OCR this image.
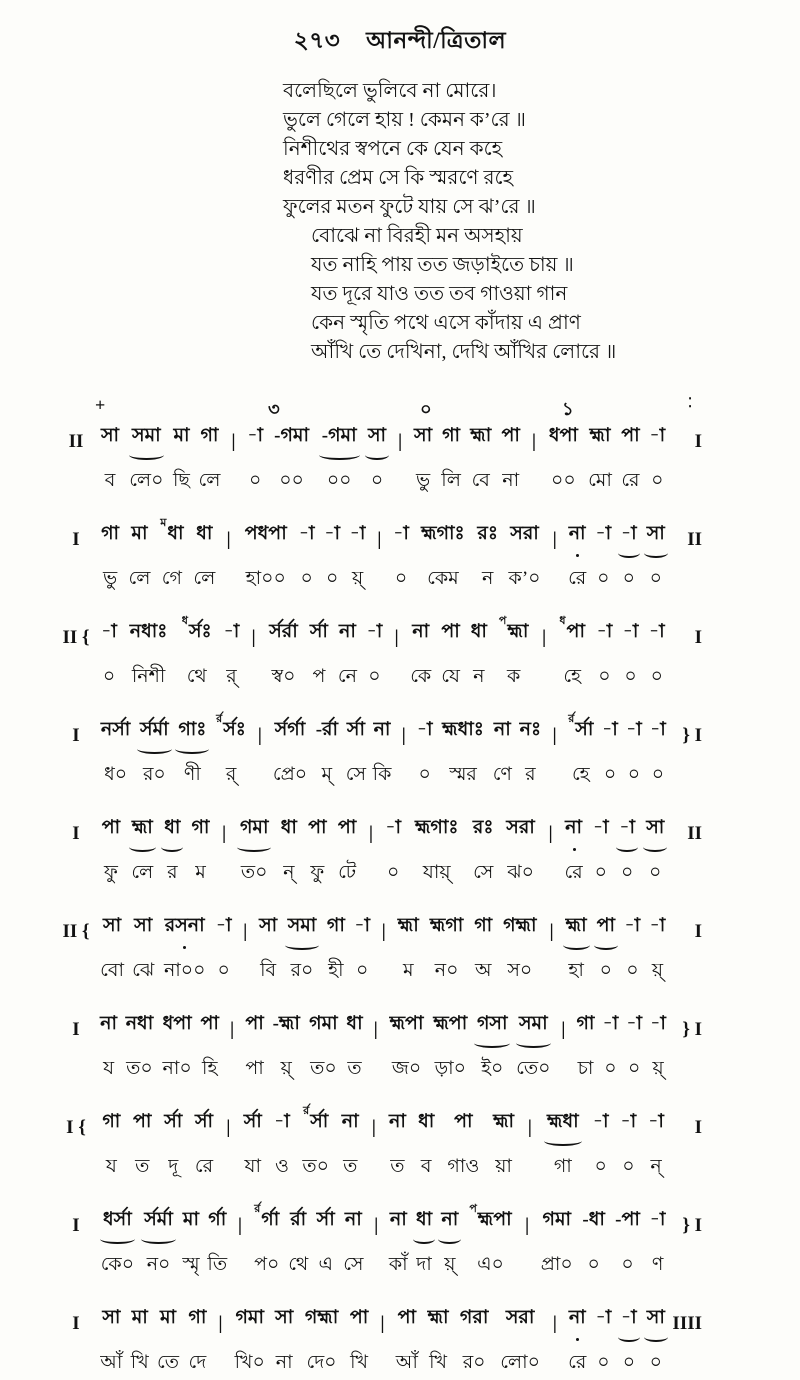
২৭৩ আনন্দী/ত্রিতাল
বলেছিলে ভুলিবে না মোরে।
ভুলে গেলে হায় ! কেমন ক’রে ॥
নিশীথের স্বপনে কে যেন কহে
ধরণীর প্রেম সে কি স্মরণে রহে
ফুলের মতন ফুটে যায় সে ঝ’রে ॥
বোঝে না বিরহী মন অসহায়
যত নাহি পায় তত জড়াইতে চায় ॥
যত দূরে যাও তত তব গাওয়া গান
কেন স্মৃতি পথে এসে কাঁদায় এ প্রাণ
আঁখি তে দেখিনা, দেখি আঁখির লোরে ॥
+	৩	০	১	⁚
II	সা	সমা	মা	গা	|	-া	-গমা	-গমা	সা	|	সা	গা	হ্মা	পা	|	ধপা	হ্মা	পা	-া	I
	ব	লে০	ছি	লে		০	০০	০০	০		ভু	লি	বে	না		০০	মো	রে	০	
I	গা	মা	$^ম$ধা	ধা	|	পধপা	-া	-া	-া	|	-া	হ্মগাঃ	রঃ	সরা	|	না	-া	-া	সা	II
	ভু	লে	গে	লে		হা০০	০	০	য়্		০	কেম	ন	ক’০		রে	০	০	০	
II {	-া	নধাঃ	$^ধ$র্সঃ	-া	|	র্সর্রা	র্সা	না	-া	|	না	পা	ধা	$^প$হ্মা	|	$^ধ$পা	-া	-া	-া	I
	০	নিশী	থে	র্		স্ব০	প	নে	০		কে	যে	ন	ক		হে	০	০	০	
I	নর্সা	র্সর্মা	গাঃ	$^{র্র}$র্সঃ	|	র্সর্গা	-র্রা	র্সা	না	|	-া	হ্মধাঃ	না	নঃ	|	$^{র্র}$র্সা	-া	-া	-া	} I
	ধ০	র০	ণী	র্		প্রে০	ম্	সে	কি		০	স্মর	ণে	র		হে	০	০	০	
I	পা	হ্মা	ধা	গা	|	গমা	ধা	পা	পা	|	-া	হ্মগাঃ	রঃ	সরা	|	না	-া	-া	সা	II
	ফু	লে	র	ম		ত০	ন্	ফু	টে		০	যায়্	সে	ঝ০		রে	০	০	০	
II {	সা	সা	রসনা	-া	|	সা	সমা	গা	-া	|	হ্মা	হ্মগা	গা	গহ্মা	|	হ্মা	পা	-া	-া	I
	বো	ঝে	না০০	০		বি	র০	হী	০		ম	ন০	অ	স০		হা	০	০	য়্	
I	না	নধা	ধপা	পা	|	পা	-হ্মা	গমা	ধা	|	হ্মপা	হ্মপা	গসা	সমা	|	গা	-া	-া	-া	} I
	য	ত০	না০	হি		পা	য়্	ত০	ত		জ০	ড়া০	ই০	তে০		চা	০	০	য়্	
I {	গা	পা	র্সা	র্সা	|	র্সা	-া	$^{র্র}$র্সা	না	|	না	ধা	পা	হ্মা	|	হ্মধা	-া	-া	-া	I
	য	ত	দূ	রে		যা	ও	ত০	ত		ত	ব	গাও	য়া		গা	০	০	ন্	
I	ধর্সা	র্সর্মা	মা	র্গা	|	$^{র্র}$র্গা	র্রা	র্সা	না	|	না	ধা	না	$^প$হ্মপা	|	গমা	-ধা	-পা	-া	} I
	কে০	ন০	স্মৃ	তি		প০	থে	এ	সে		কাঁ	দা	য়্	এ০		প্রা০	০	০	ণ	
I	সা	মা	মা	গা	|	গমা	সা	গহ্মা	পা	|	পা	হ্মা	গরা	সরা	|	না	-া	-া	সা	IIII
	আঁ	খি	তে	দে		খি০	না	দে০	খি		আঁ	খি	র০	লো০		রে	০	০	০	
